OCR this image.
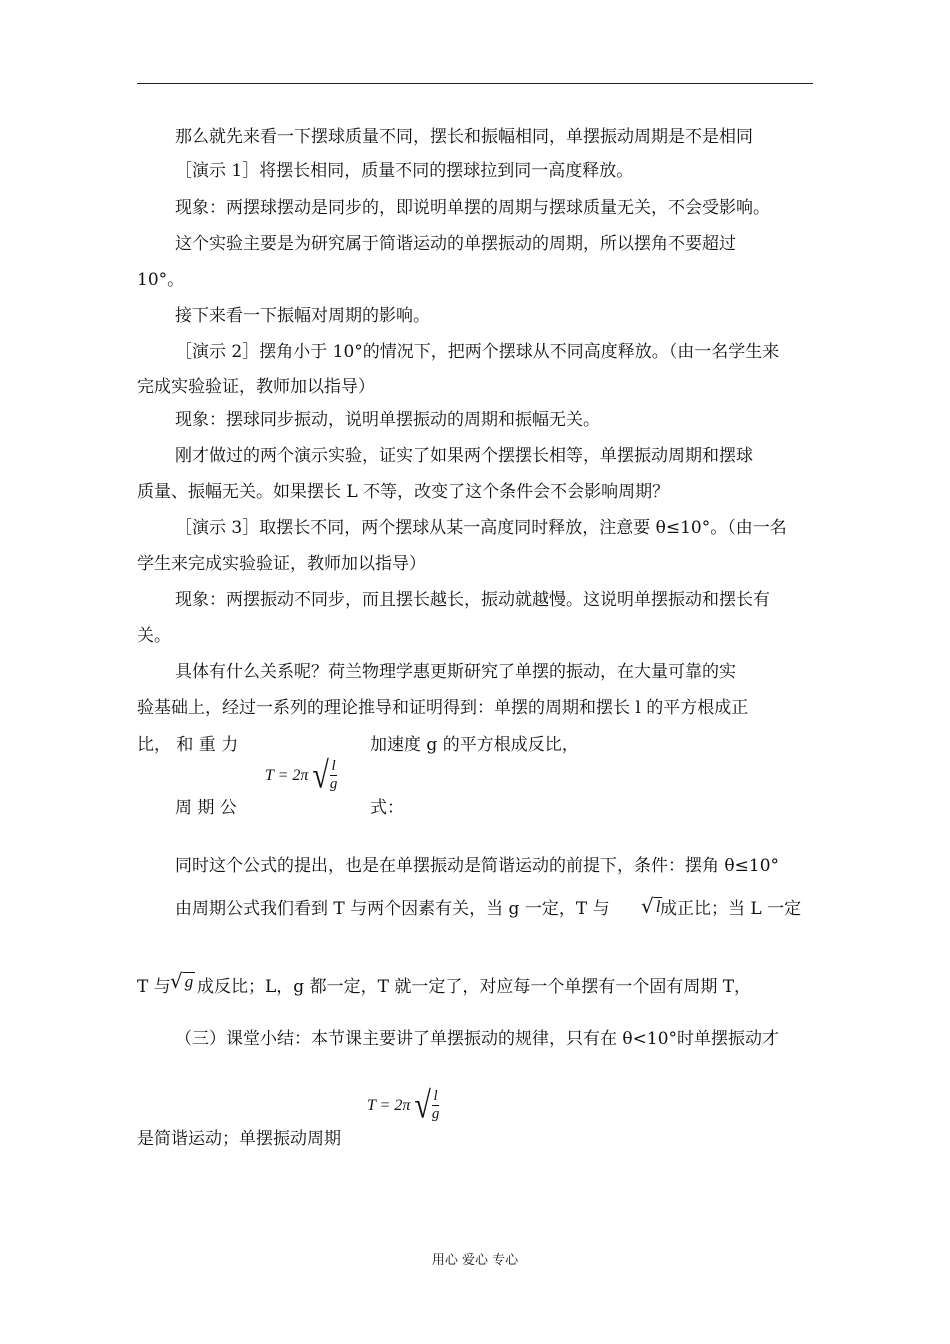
那么就先来看一下摆球质量不同，摆长和振幅相同，单摆振动周期是不是相同
［演示 1］将摆长相同，质量不同的摆球拉到同一高度释放。
现象：两摆球摆动是同步的，即说明单摆的周期与摆球质量无关，不会受影响。
这个实验主要是为研究属于简谐运动的单摆振动的周期，所以摆角不要超过
10°。
接下来看一下振幅对周期的影响。
［演示 2］摆角小于 10°的情况下，把两个摆球从不同高度释放。（由一名学生来
完成实验验证，教师加以指导）
现象：摆球同步振动，说明单摆振动的周期和振幅无关。
刚才做过的两个演示实验，证实了如果两个摆摆长相等，单摆振动周期和摆球
质量、振幅无关。如果摆长 L 不等，改变了这个条件会不会影响周期？
［演示 3］取摆长不同，两个摆球从某一高度同时释放，注意要 θ≤10°。（由一名
学生来完成实验验证，教师加以指导）
现象：两摆振动不同步，而且摆长越长，振动就越慢。这说明单摆振动和摆长有
关。
具体有什么关系呢？荷兰物理学惠更斯研究了单摆的振动，在大量可靠的实
验基础上，经过一系列的理论推导和证明得到：单摆的周期和摆长 l 的平方根成正
比， 和 重 力	加速度 g 的平方根成反比，
周 期 公	式：
T = 2π √
$\frac{l}{g}$
同时这个公式的提出，也是在单摆振动是简谐运动的前提下，条件：摆角 θ≤10°
由周期公式我们看到 T 与两个因素有关，当 g 一定，T 与 √ l 成正比；当 L 一定
T 与 √ g 成反比；L，g 都一定，T 就一定了，对应每一个单摆有一个固有周期 T，
（三）课堂小结：本节课主要讲了单摆振动的规律，只有在 θ<10°时单摆振动才
是简谐运动；单摆振动周期
T = 2π √
$\frac{l}{g}$
用心 爱心 专心
